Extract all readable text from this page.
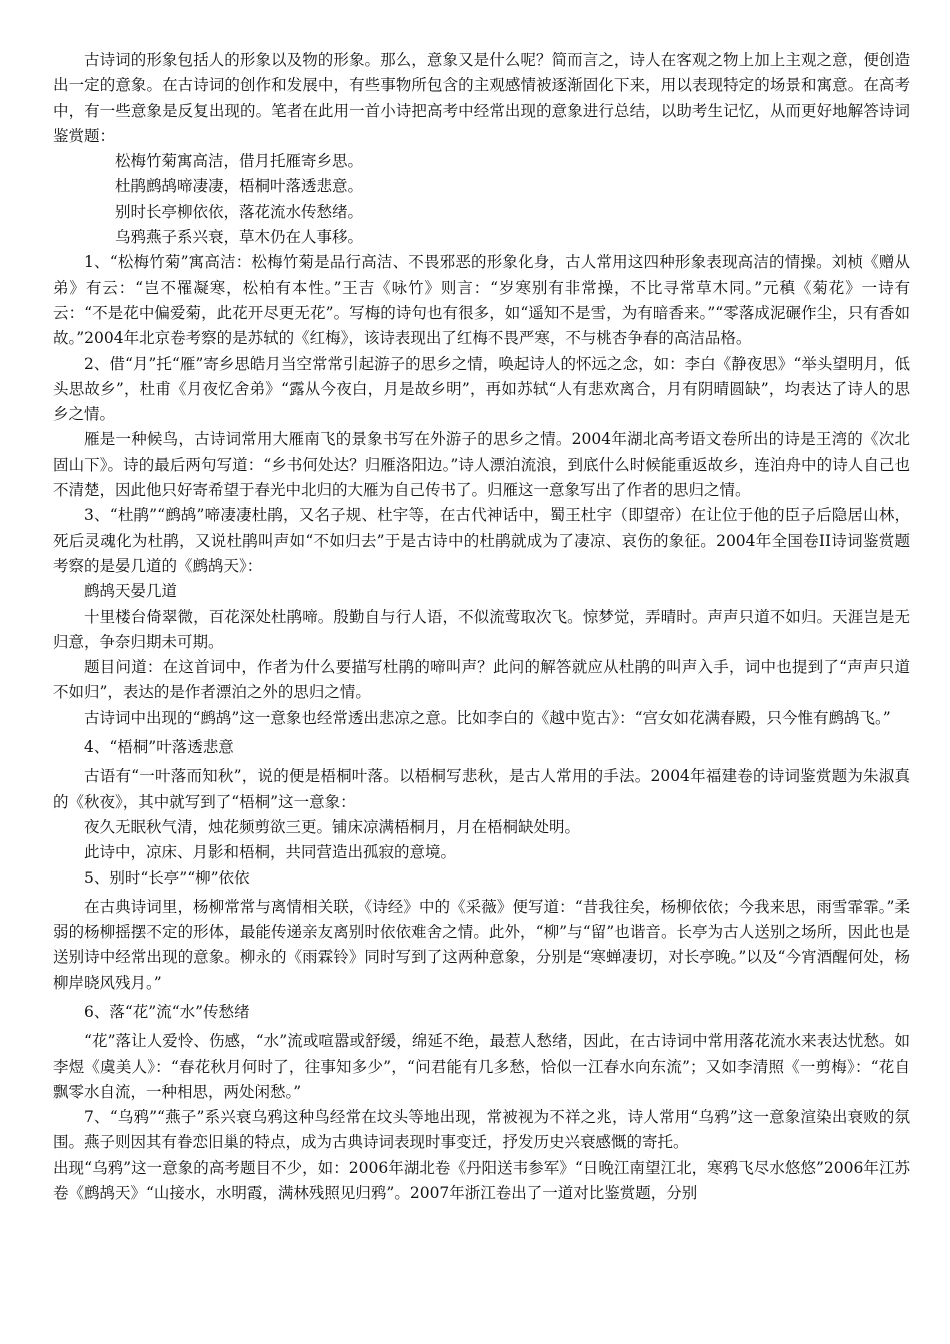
古诗词的形象包括人的形象以及物的形象。那么，意象又是什么呢？简而言之，诗人在客观之物上加上主观之意，便创造出一定的意象。在古诗词的创作和发展中，有些事物所包含的主观感情被逐渐固化下来，用以表现特定的场景和寓意。在高考中，有一些意象是反复出现的。笔者在此用一首小诗把高考中经常出现的意象进行总结，以助考生记忆，从而更好地解答诗词鉴赏题：

松梅竹菊寓高洁，借月托雁寄乡思。

杜鹃鹧鸪啼凄凄，梧桐叶落透悲意。

别时长亭柳依依，落花流水传愁绪。

乌鸦燕子系兴衰，草木仍在人事移。

1、“松梅竹菊”寓高洁：松梅竹菊是品行高洁、不畏邪恶的形象化身，古人常用这四种形象表现高洁的情操。刘桢《赠从弟》有云：“岂不罹凝寒，松柏有本性。”王吉《咏竹》则言：“岁寒别有非常操，不比寻常草木同。”元稹《菊花》一诗有云：“不是花中偏爱菊，此花开尽更无花”。写梅的诗句也有很多，如“遥知不是雪，为有暗香来。”“零落成泥碾作尘，只有香如故。”2004年北京卷考察的是苏轼的《红梅》，该诗表现出了红梅不畏严寒，不与桃杏争春的高洁品格。

2、借“月”托“雁”寄乡思皓月当空常常引起游子的思乡之情，唤起诗人的怀远之念，如：李白《静夜思》“举头望明月，低头思故乡”，杜甫《月夜忆舍弟》“露从今夜白，月是故乡明”，再如苏轼“人有悲欢离合，月有阴晴圆缺”，均表达了诗人的思乡之情。

雁是一种候鸟，古诗词常用大雁南飞的景象书写在外游子的思乡之情。2004年湖北高考语文卷所出的诗是王湾的《次北固山下》。诗的最后两句写道：“乡书何处达？归雁洛阳边。”诗人漂泊流浪，到底什么时候能重返故乡，连泊舟中的诗人自己也不清楚，因此他只好寄希望于春光中北归的大雁为自己传书了。归雁这一意象写出了作者的思归之情。

3、“杜鹃”“鹧鸪”啼凄凄杜鹃，又名子规、杜宇等，在古代神话中，蜀王杜宇（即望帝）在让位于他的臣子后隐居山林，死后灵魂化为杜鹃，又说杜鹃叫声如“不如归去”于是古诗中的杜鹃就成为了凄凉、哀伤的象征。2004年全国卷II诗词鉴赏题考察的是晏几道的《鹧鸪天》：

鹧鸪天晏几道

十里楼台倚翠微，百花深处杜鹃啼。殷勤自与行人语，不似流莺取次飞。惊梦觉，弄晴时。声声只道不如归。天涯岂是无归意，争奈归期未可期。

题目问道：在这首词中，作者为什么要描写杜鹃的啼叫声？此问的解答就应从杜鹃的叫声入手，词中也提到了“声声只道不如归”，表达的是作者漂泊之外的思归之情。

古诗词中出现的“鹧鸪”这一意象也经常透出悲凉之意。比如李白的《越中览古》：“宫女如花满春殿，只今惟有鹧鸪飞。”

4、“梧桐”叶落透悲意

古语有“一叶落而知秋”，说的便是梧桐叶落。以梧桐写悲秋，是古人常用的手法。2004年福建卷的诗词鉴赏题为朱淑真的《秋夜》，其中就写到了“梧桐”这一意象：

夜久无眠秋气清，烛花频剪欲三更。铺床凉满梧桐月，月在梧桐缺处明。

此诗中，凉床、月影和梧桐，共同营造出孤寂的意境。

5、别时“长亭”“柳”依依

在古典诗词里，杨柳常常与离情相关联，《诗经》中的《采薇》便写道：“昔我往矣，杨柳依依；今我来思，雨雪霏霏。”柔弱的杨柳摇摆不定的形体，最能传递亲友离别时依依难舍之情。此外，“柳”与“留”也谐音。长亭为古人送别之场所，因此也是送别诗中经常出现的意象。柳永的《雨霖铃》同时写到了这两种意象，分别是“寒蝉凄切，对长亭晚。”以及“今宵酒醒何处，杨柳岸晓风残月。”

6、落“花”流“水”传愁绪

“花”落让人爱怜、伤感，“水”流或喧嚣或舒缓，绵延不绝，最惹人愁绪，因此，在古诗词中常用落花流水来表达忧愁。如李煜《虞美人》：“春花秋月何时了，往事知多少”，“问君能有几多愁，恰似一江春水向东流”；又如李清照《一剪梅》：“花自飘零水自流，一种相思，两处闲愁。”

7、“乌鸦”“燕子”系兴衰乌鸦这种鸟经常在坟头等地出现，常被视为不祥之兆，诗人常用“乌鸦”这一意象渲染出衰败的氛围。燕子则因其有眷恋旧巢的特点，成为古典诗词表现时事变迁，抒发历史兴衰感慨的寄托。

出现“乌鸦”这一意象的高考题目不少，如：2006年湖北卷《丹阳送韦参军》“日晚江南望江北，寒鸦飞尽水悠悠”2006年江苏卷《鹧鸪天》“山接水，水明霞，满林残照见归鸦”。2007年浙江卷出了一道对比鉴赏题，分别
